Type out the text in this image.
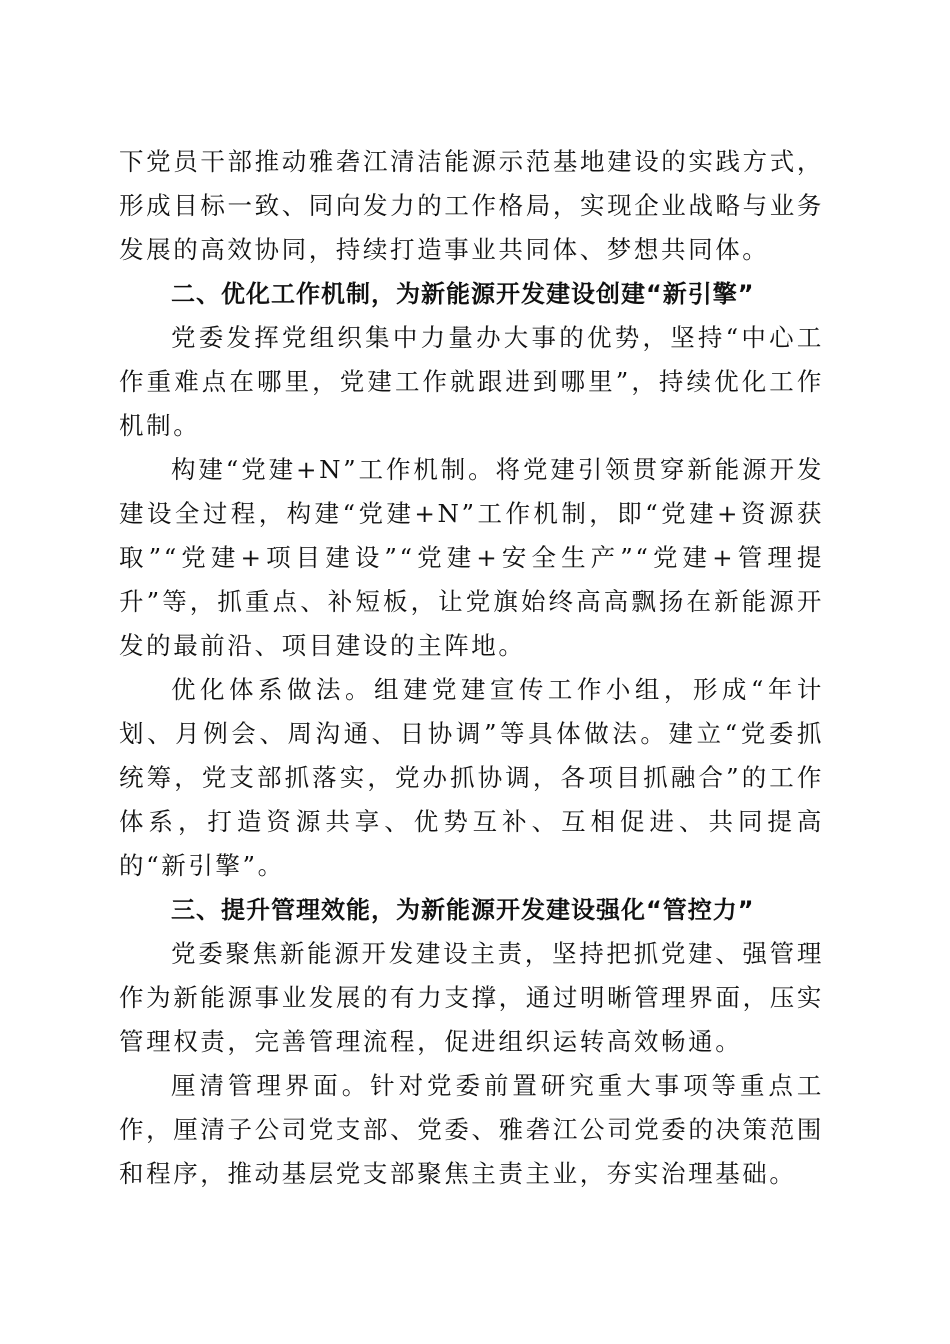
下党员干部推动雅砻江清洁能源示范基地建设的实践方式，形成目标一致、同向发力的工作格局，实现企业战略与业务发展的高效协同，持续打造事业共同体、梦想共同体。

二、优化工作机制，为新能源开发建设创建“新引擎”

党委发挥党组织集中力量办大事的优势，坚持“中心工作重难点在哪里，党建工作就跟进到哪里”，持续优化工作机制。

构建“党建+N”工作机制。将党建引领贯穿新能源开发建设全过程，构建“党建+N”工作机制，即“党建+资源获取”“党建+项目建设”“党建+安全生产”“党建+管理提升”等，抓重点、补短板，让党旗始终高高飘扬在新能源开发的最前沿、项目建设的主阵地。

优化体系做法。组建党建宣传工作小组，形成“年计划、月例会、周沟通、日协调”等具体做法。建立“党委抓统筹，党支部抓落实，党办抓协调，各项目抓融合”的工作体系，打造资源共享、优势互补、互相促进、共同提高的“新引擎”。

三、提升管理效能，为新能源开发建设强化“管控力”

党委聚焦新能源开发建设主责，坚持把抓党建、强管理作为新能源事业发展的有力支撑，通过明晰管理界面，压实管理权责，完善管理流程，促进组织运转高效畅通。

厘清管理界面。针对党委前置研究重大事项等重点工作，厘清子公司党支部、党委、雅砻江公司党委的决策范围和程序，推动基层党支部聚焦主责主业，夯实治理基础。
